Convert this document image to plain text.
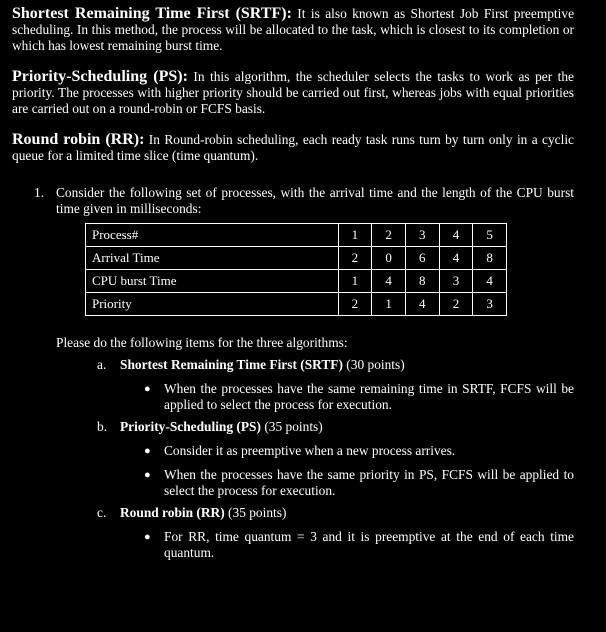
Shortest Remaining Time First (SRTF): It is also known as Shortest Job First preemptive scheduling. In this method, the process will be allocated to the task, which is closest to its completion or which has lowest remaining burst time.

Priority-Scheduling (PS): In this algorithm, the scheduler selects the tasks to work as per the priority. The processes with higher priority should be carried out first, whereas jobs with equal priorities are carried out on a round-robin or FCFS basis.

Round robin (RR): In Round-robin scheduling, each ready task runs turn by turn only in a cyclic queue for a limited time slice (time quantum).

1. Consider the following set of processes, with the arrival time and the length of the CPU burst time given in milliseconds:
Process#	1	2	3	4	5
Arrival Time	2	0	6	4	8
CPU burst Time	1	4	8	3	4
Priority	2	1	4	2	3
Please do the following items for the three algorithms:
a. Shortest Remaining Time First (SRTF) (30 points)
● When the processes have the same remaining time in SRTF, FCFS will be applied to select the process for execution.
b. Priority-Scheduling (PS) (35 points)
● Consider it as preemptive when a new process arrives.
● When the processes have the same priority in PS, FCFS will be applied to select the process for execution.
c. Round robin (RR) (35 points)
● For RR, time quantum = 3 and it is preemptive at the end of each time quantum.
